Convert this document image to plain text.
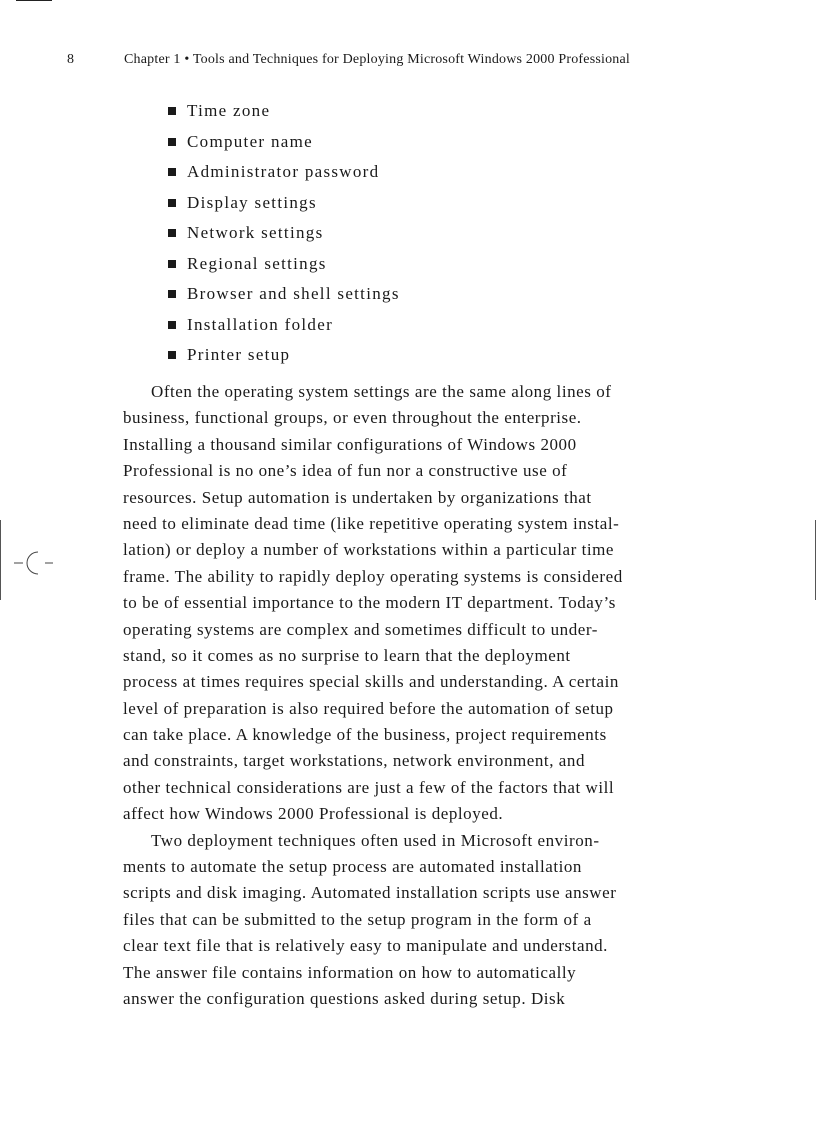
8	Chapter 1 • Tools and Techniques for Deploying Microsoft Windows 2000 Professional
Time zone
Computer name
Administrator password
Display settings
Network settings
Regional settings
Browser and shell settings
Installation folder
Printer setup

Often the operating system settings are the same along lines of
business, functional groups, or even throughout the enterprise.
Installing a thousand similar configurations of Windows 2000
Professional is no one’s idea of fun nor a constructive use of
resources. Setup automation is undertaken by organizations that
need to eliminate dead time (like repetitive operating system instal-
lation) or deploy a number of workstations within a particular time
frame. The ability to rapidly deploy operating systems is considered
to be of essential importance to the modern IT department. Today’s
operating systems are complex and sometimes difficult to under-
stand, so it comes as no surprise to learn that the deployment
process at times requires special skills and understanding. A certain
level of preparation is also required before the automation of setup
can take place. A knowledge of the business, project requirements
and constraints, target workstations, network environment, and
other technical considerations are just a few of the factors that will
affect how Windows 2000 Professional is deployed.

Two deployment techniques often used in Microsoft environ-
ments to automate the setup process are automated installation
scripts and disk imaging. Automated installation scripts use answer
files that can be submitted to the setup program in the form of a
clear text file that is relatively easy to manipulate and understand.
The answer file contains information on how to automatically
answer the configuration questions asked during setup. Disk
